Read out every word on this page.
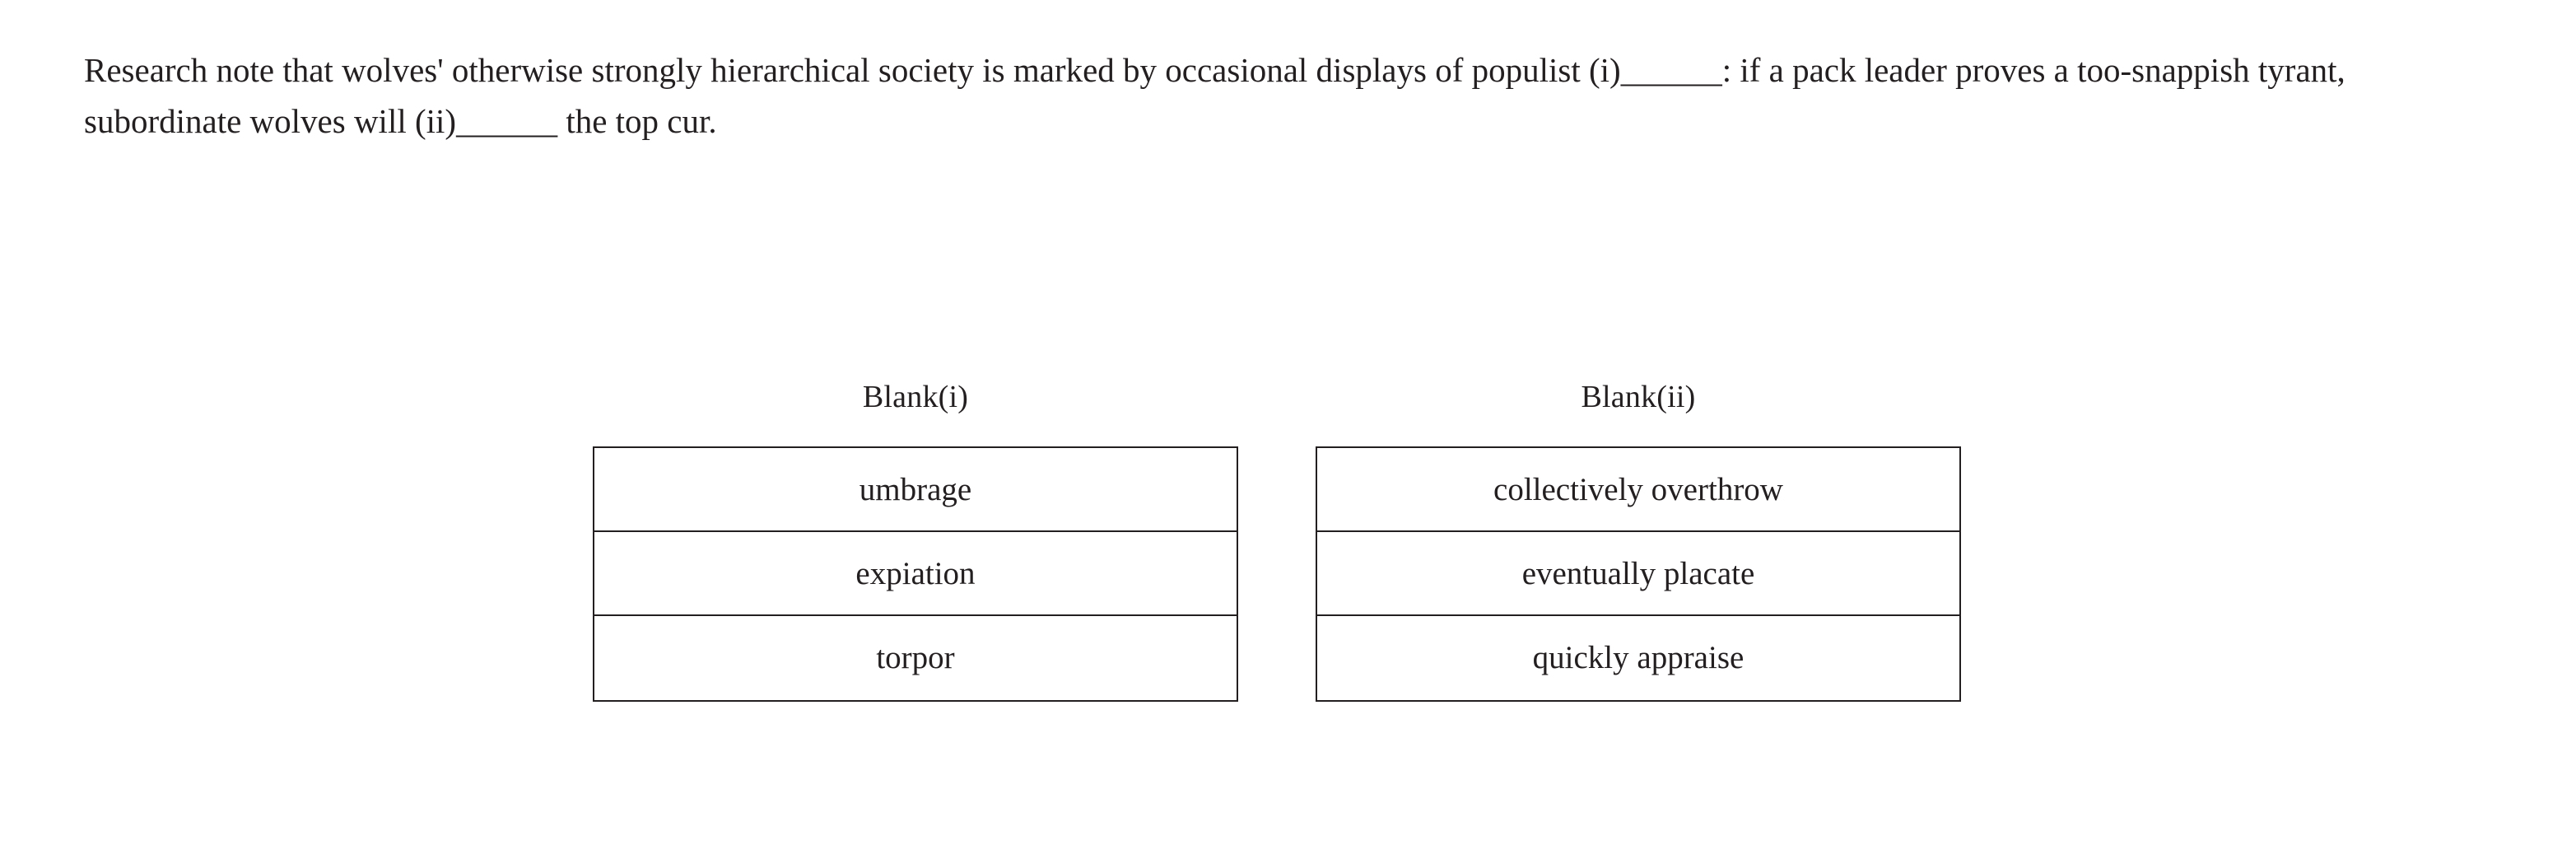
Research note that wolves' otherwise strongly hierarchical society is marked by occasional displays of populist (i)______: if a pack leader proves a too-snappish tyrant, subordinate wolves will (ii)______ the top cur.
Blank(i)
umbrage
expiation
torpor
Blank(ii)
collectively overthrow
eventually placate
quickly appraise
